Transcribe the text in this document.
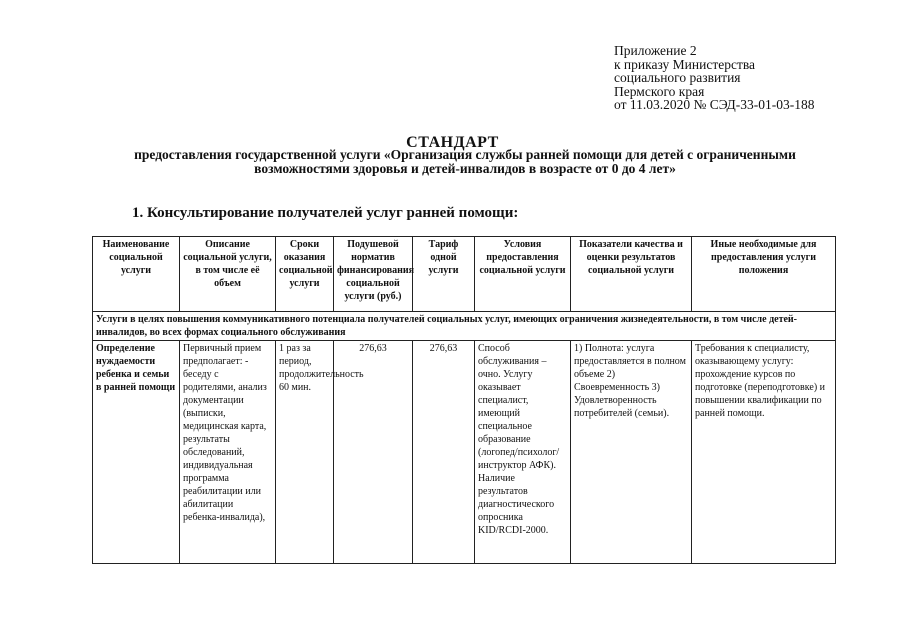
Приложение 2
к приказу Министерства
социального развития
Пермского края
от 11.03.2020 № СЭД-33-01-03-188
СТАНДАРТ
предоставления государственной услуги «Организация службы ранней помощи для детей с ограниченными возможностями здоровья и детей-инвалидов в возрасте от 0 до 4 лет»
1. Консультирование получателей услуг ранней помощи:
Наименование социальной услуги	Описание социальной услуги, в том числе её объем	Сроки оказания социальной услуги	Подушевой норматив финансирования социальной услуги (руб.)	Тариф одной услуги	Условия предоставления социальной услуги	Показатели качества и оценки результатов социальной услуги	Иные необходимые для предоставления услуги положения
Услуги в целях повышения коммуникативного потенциала получателей социальных услуг, имеющих ограничения жизнедеятельности, в том числе детей-инвалидов, во всех формах социального обслуживания							
Определение нуждаемости ребенка и семьи в ранней помощи	Первичный прием предполагает: - беседу с родителями, анализ документации (выписки, медицинская карта, результаты обследований, индивидуальная программа реабилитации или абилитации ребенка-инвалида),	1 раз за период, продолжительность 60 мин.	276,63	276,63	Способ обслуживания – очно. Услугу оказывает специалист, имеющий специальное образование (логопед/психолог/инструктор АФК). Наличие результатов диагностического опросника KID/RCDI-2000.	1) Полнота: услуга предоставляется в полном объеме 2) Своевременность 3) Удовлетворенность потребителей (семьи).	Требования к специалисту, оказывающему услугу: прохождение курсов по подготовке (переподготовке) и повышении квалификации по ранней помощи.
